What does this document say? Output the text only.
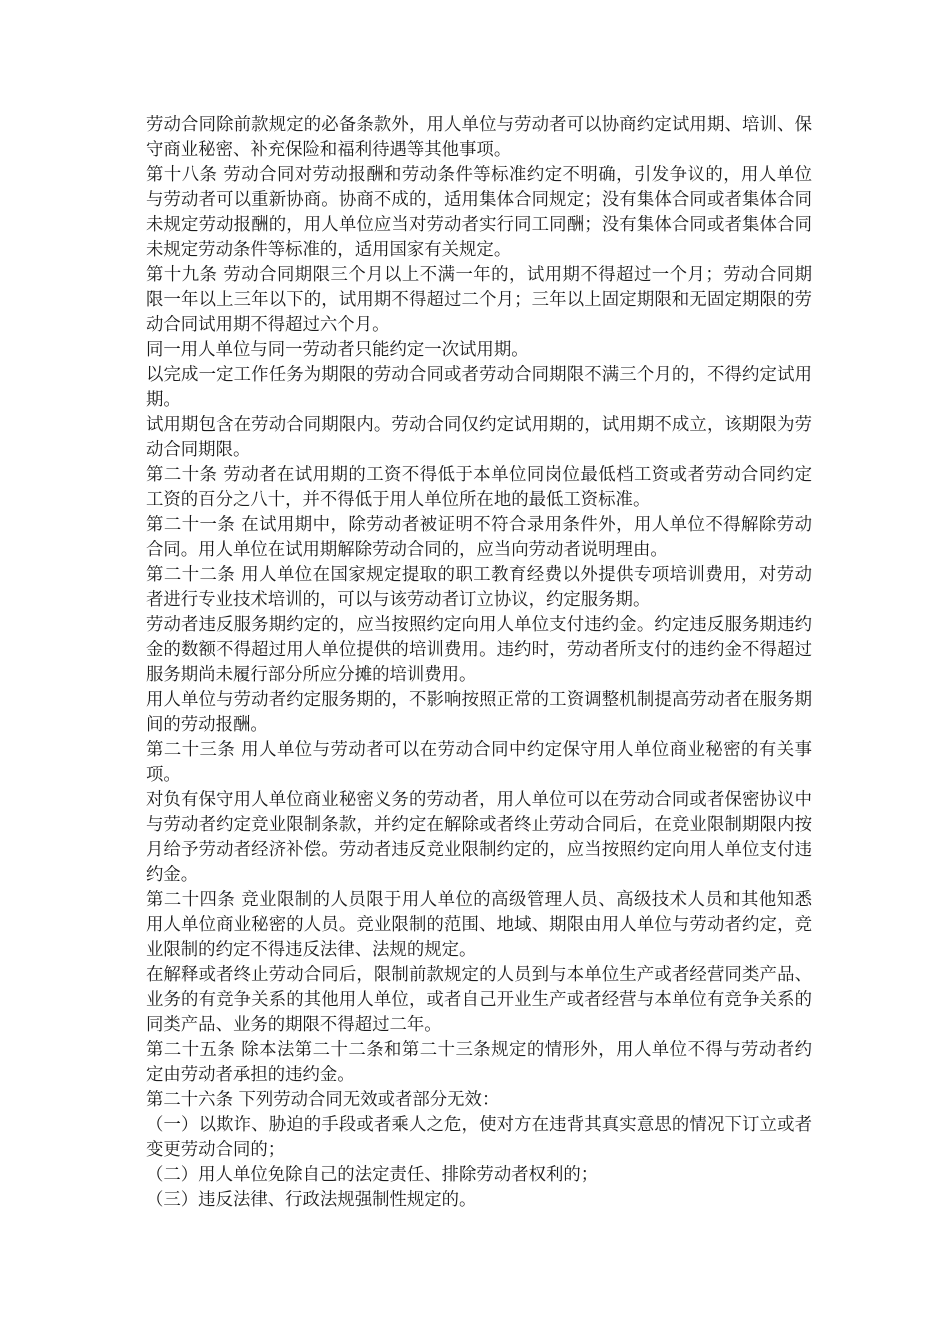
劳动合同除前款规定的必备条款外，用人单位与劳动者可以协商约定试用期、培训、保守商业秘密、补充保险和福利待遇等其他事项。

第十八条 劳动合同对劳动报酬和劳动条件等标准约定不明确，引发争议的，用人单位与劳动者可以重新协商。协商不成的，适用集体合同规定；没有集体合同或者集体合同未规定劳动报酬的，用人单位应当对劳动者实行同工同酬；没有集体合同或者集体合同未规定劳动条件等标准的，适用国家有关规定。

第十九条 劳动合同期限三个月以上不满一年的，试用期不得超过一个月；劳动合同期限一年以上三年以下的，试用期不得超过二个月；三年以上固定期限和无固定期限的劳动合同试用期不得超过六个月。

同一用人单位与同一劳动者只能约定一次试用期。

以完成一定工作任务为期限的劳动合同或者劳动合同期限不满三个月的，不得约定试用期。

试用期包含在劳动合同期限内。劳动合同仅约定试用期的，试用期不成立，该期限为劳动合同期限。

第二十条 劳动者在试用期的工资不得低于本单位同岗位最低档工资或者劳动合同约定工资的百分之八十，并不得低于用人单位所在地的最低工资标准。

第二十一条 在试用期中，除劳动者被证明不符合录用条件外，用人单位不得解除劳动合同。用人单位在试用期解除劳动合同的，应当向劳动者说明理由。

第二十二条 用人单位在国家规定提取的职工教育经费以外提供专项培训费用，对劳动者进行专业技术培训的，可以与该劳动者订立协议，约定服务期。

劳动者违反服务期约定的，应当按照约定向用人单位支付违约金。约定违反服务期违约金的数额不得超过用人单位提供的培训费用。违约时，劳动者所支付的违约金不得超过服务期尚未履行部分所应分摊的培训费用。

用人单位与劳动者约定服务期的，不影响按照正常的工资调整机制提高劳动者在服务期间的劳动报酬。

第二十三条 用人单位与劳动者可以在劳动合同中约定保守用人单位商业秘密的有关事项。

对负有保守用人单位商业秘密义务的劳动者，用人单位可以在劳动合同或者保密协议中与劳动者约定竞业限制条款，并约定在解除或者终止劳动合同后，在竞业限制期限内按月给予劳动者经济补偿。劳动者违反竞业限制约定的，应当按照约定向用人单位支付违约金。

第二十四条 竞业限制的人员限于用人单位的高级管理人员、高级技术人员和其他知悉用人单位商业秘密的人员。竞业限制的范围、地域、期限由用人单位与劳动者约定，竞业限制的约定不得违反法律、法规的规定。

在解释或者终止劳动合同后，限制前款规定的人员到与本单位生产或者经营同类产品、业务的有竞争关系的其他用人单位，或者自己开业生产或者经营与本单位有竞争关系的同类产品、业务的期限不得超过二年。

第二十五条 除本法第二十二条和第二十三条规定的情形外，用人单位不得与劳动者约定由劳动者承担的违约金。

第二十六条 下列劳动合同无效或者部分无效：

（一）以欺诈、胁迫的手段或者乘人之危，使对方在违背其真实意思的情况下订立或者变更劳动合同的；

（二）用人单位免除自己的法定责任、排除劳动者权利的；

（三）违反法律、行政法规强制性规定的。
